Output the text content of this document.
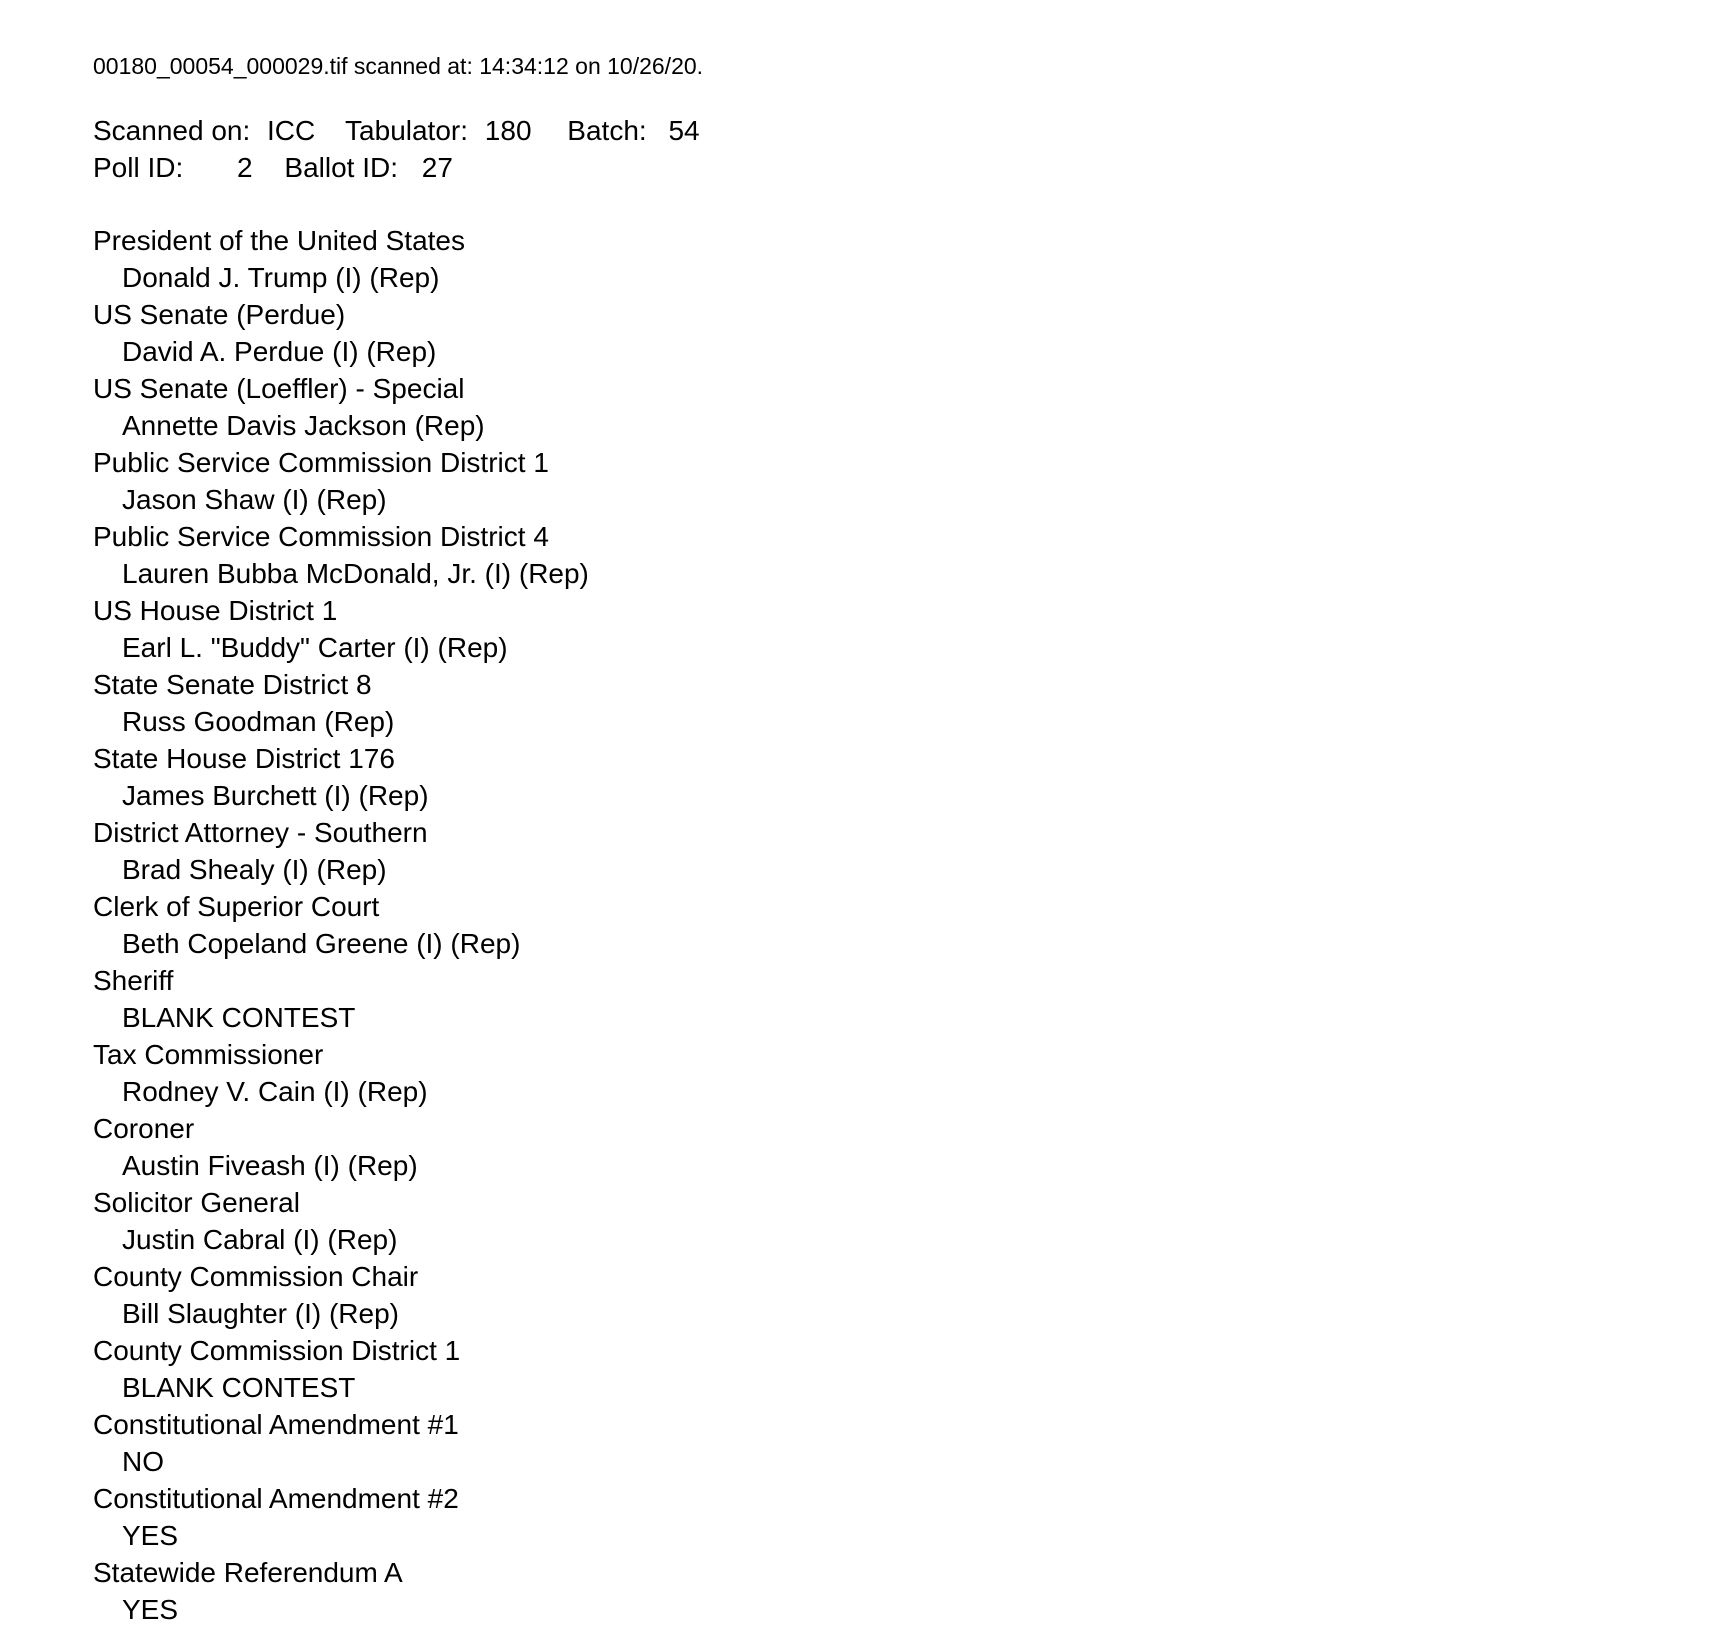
00180_00054_000029.tif scanned at: 14:34:12 on 10/26/20.
Scanned on: ICC Tabulator: 180 Batch: 54
Poll ID: 2 Ballot ID: 27
President of the United States
Donald J. Trump (I) (Rep)
US Senate (Perdue)
David A. Perdue (I) (Rep)
US Senate (Loeffler) - Special
Annette Davis Jackson (Rep)
Public Service Commission District 1
Jason Shaw (I) (Rep)
Public Service Commission District 4
Lauren Bubba McDonald, Jr. (I) (Rep)
US House District 1
Earl L. "Buddy" Carter (I) (Rep)
State Senate District 8
Russ Goodman (Rep)
State House District 176
James Burchett (I) (Rep)
District Attorney - Southern
Brad Shealy (I) (Rep)
Clerk of Superior Court
Beth Copeland Greene (I) (Rep)
Sheriff
BLANK CONTEST
Tax Commissioner
Rodney V. Cain (I) (Rep)
Coroner
Austin Fiveash (I) (Rep)
Solicitor General
Justin Cabral (I) (Rep)
County Commission Chair
Bill Slaughter (I) (Rep)
County Commission District 1
BLANK CONTEST
Constitutional Amendment #1
NO
Constitutional Amendment #2
YES
Statewide Referendum A
YES
